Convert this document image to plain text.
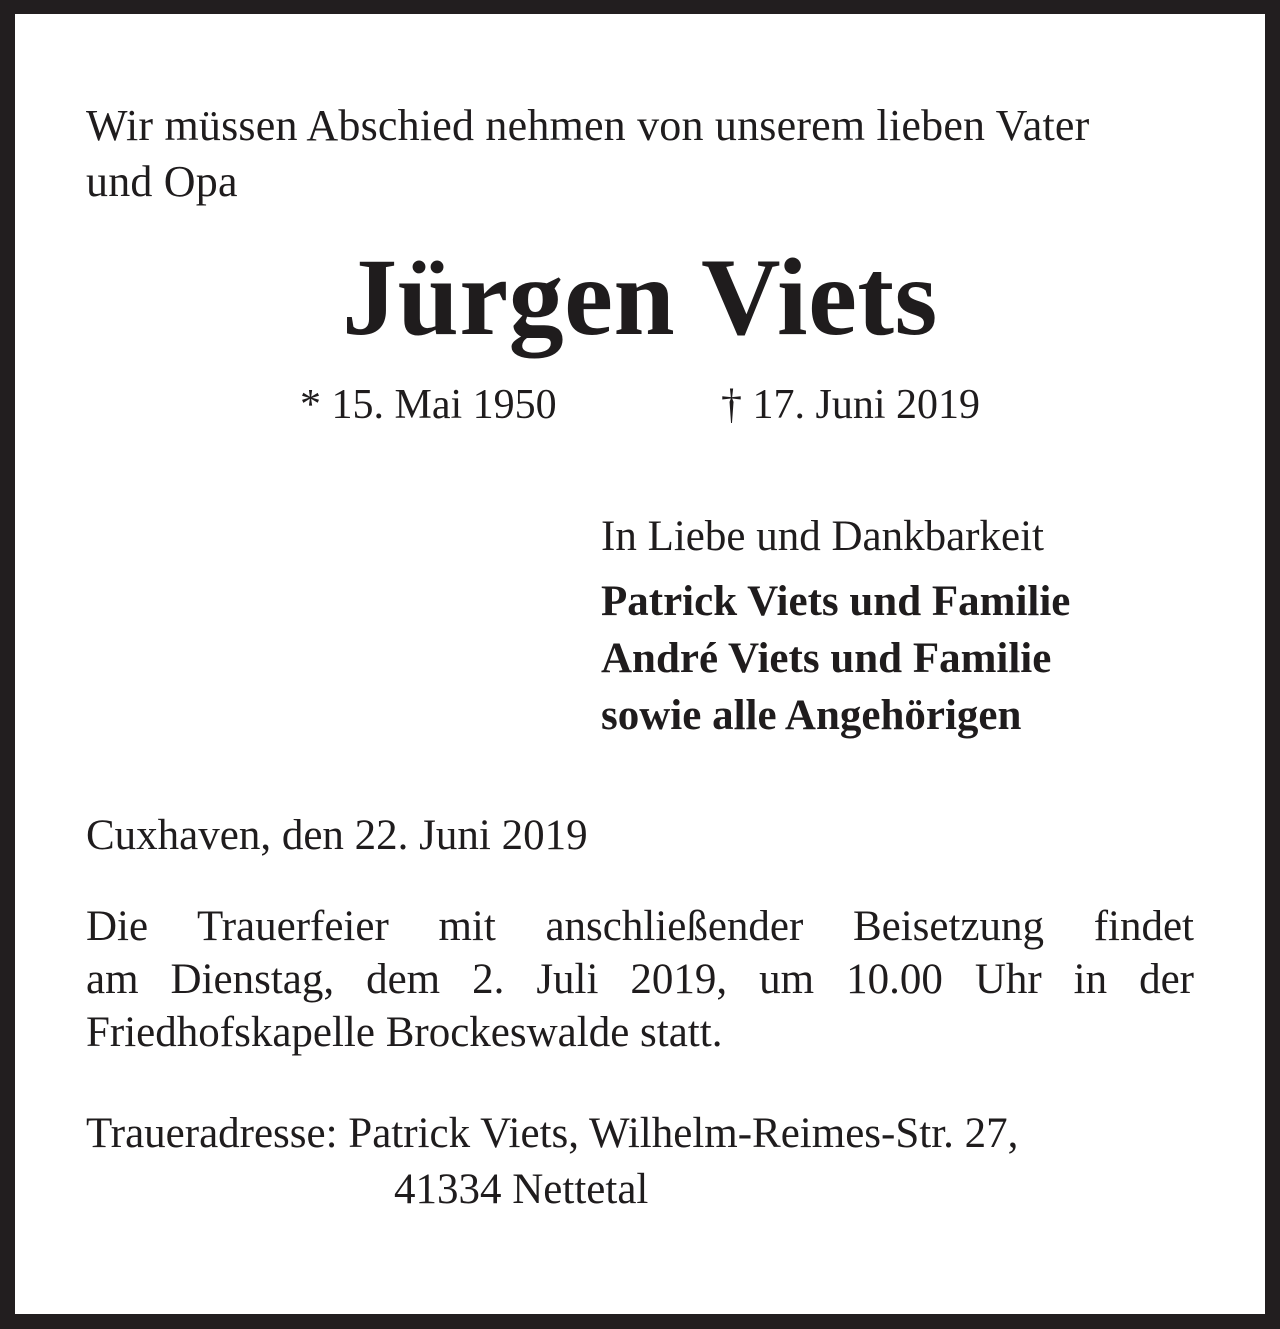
Wir müssen Abschied nehmen von unserem lieben Vater
und Opa

Jürgen Viets
* 15. Mai 1950	† 17. Juni 2019

In Liebe und Dankbarkeit

Patrick Viets und Familie

André Viets und Familie

sowie alle Angehörigen

Cuxhaven, den 22. Juni 2019

Die Trauerfeier mit anschließender Beisetzung findet
am Dienstag, dem 2. Juli 2019, um 10.00 Uhr in der
Friedhofskapelle Brockeswalde statt.
Traueradresse: Patrick Viets, Wilhelm-Reimes-Str. 27,
41334 Nettetal
